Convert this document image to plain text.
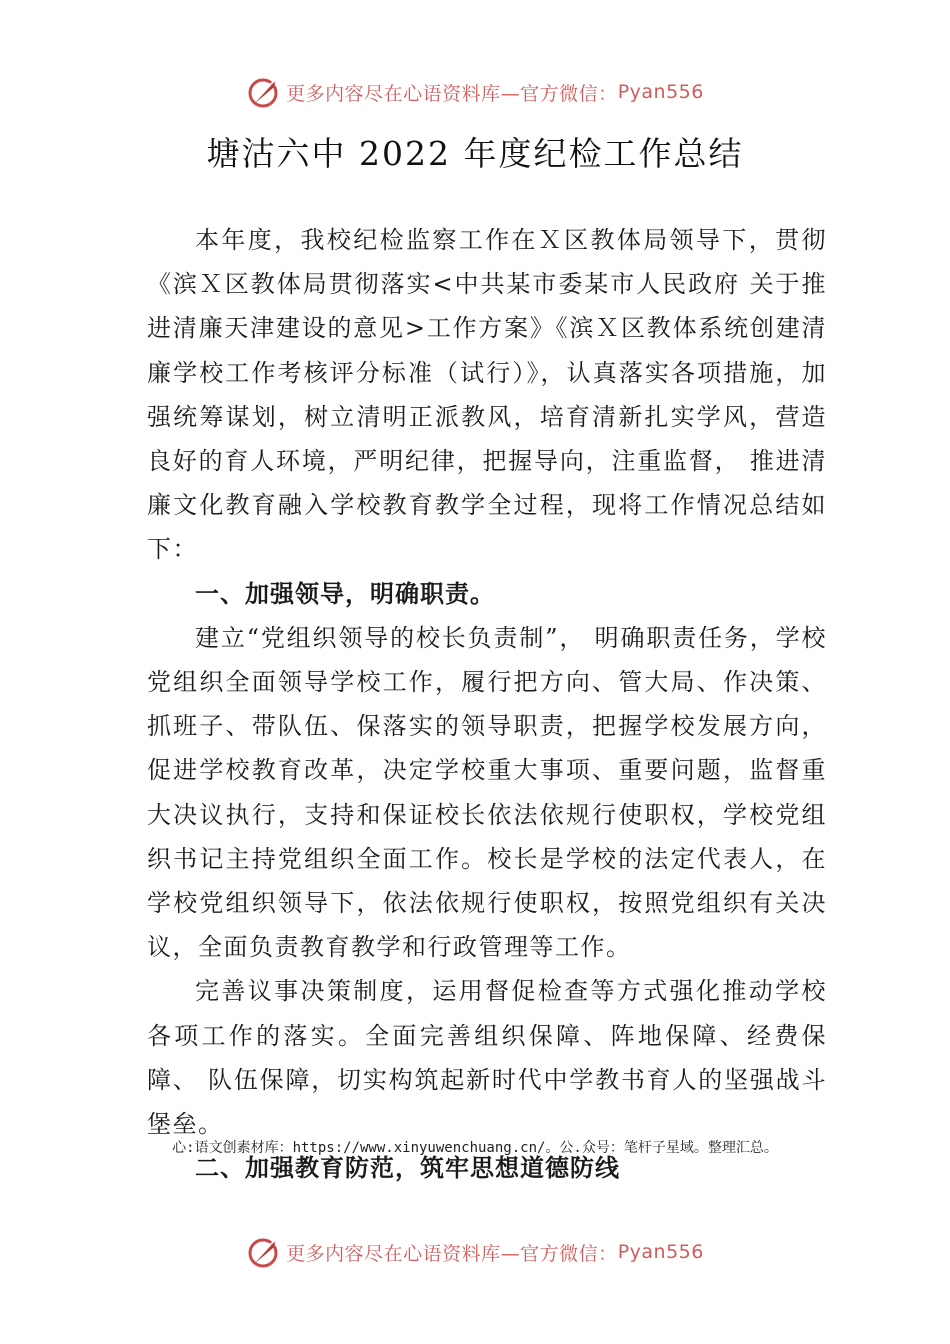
更多内容尽在心语资料库 —官方微信： Pyan556
塘沽六中 2022 年度纪检工作总结

本年度，我校纪检监察工作在Ｘ区教体局领导下，贯彻《滨Ｘ区教体局贯彻落实<中共某市委某市人民政府 关于推进清廉天津建设的意见>工作方案》《滨Ｘ区教体系统创建清廉学校工作考核评分标准（试行）》，认真落实各项措施，加强统筹谋划，树立清明正派教风，培育清新扎实学风，营造良好的育人环境，严明纪律，把握导向，注重监督， 推进清廉文化教育融入学校教育教学全过程，现将工作情况总结如下：

一、加强领导，明确职责。

建立“党组织领导的校长负责制”， 明确职责任务，学校党组织全面领导学校工作，履行把方向、管大局、作决策、抓班子、带队伍、保落实的领导职责，把握学校发展方向， 促进学校教育改革，决定学校重大事项、重要问题，监督重大决议执行，支持和保证校长依法依规行使职权，学校党组织书记主持党组织全面工作。校长是学校的法定代表人，在学校党组织领导下，依法依规行使职权，按照党组织有关决议，全面负责教育教学和行政管理等工作。

完善议事决策制度，运用督促检查等方式强化推动学校各项工作的落实。全面完善组织保障、阵地保障、经费保障、 队伍保障，切实构筑起新时代中学教书育人的坚强战斗堡垒。

二、加强教育防范，筑牢思想道德防线

心:语文创素材库：https://www.xinyuwenchuang.cn/。公.众号：笔杆子星域。整理汇总。
更多内容尽在心语资料库 —官方微信： Pyan556
